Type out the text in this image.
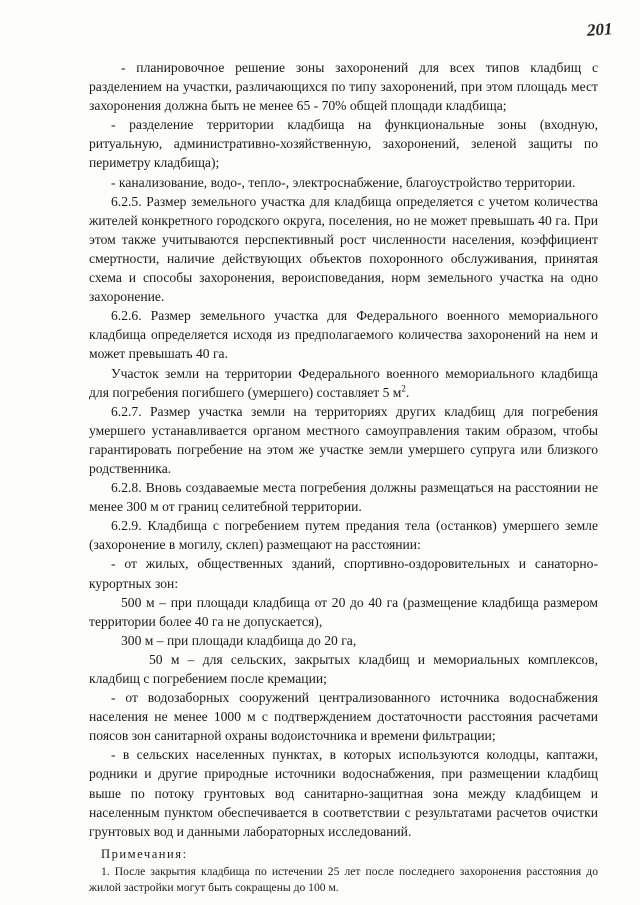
201

- планировочное решение зоны захоронений для всех типов кладбищ с разделением на участки, различающихся по типу захоронений, при этом площадь мест захоронения должна быть не менее 65 - 70% общей площади кладбища;

- разделение территории кладбища на функциональные зоны (входную, ритуальную, административно-хозяйственную, захоронений, зеленой защиты по периметру кладбища);

- канализование, водо-, тепло-, электроснабжение, благоустройство территории.

6.2.5. Размер земельного участка для кладбища определяется с учетом количества жителей конкретного городского округа, поселения, но не может превышать 40 га. При этом также учитываются перспективный рост численности населения, коэффициент смертности, наличие действующих объектов похоронного обслуживания, принятая схема и способы захоронения, вероисповедания, норм земельного участка на одно захоронение.

6.2.6. Размер земельного участка для Федерального военного мемориального кладбища определяется исходя из предполагаемого количества захоронений на нем и может превышать 40 га.

Участок земли на территории Федерального военного мемориального кладбища для погребения погибшего (умершего) составляет 5 $м^2$.

6.2.7. Размер участка земли на территориях других кладбищ для погребения умершего устанавливается органом местного самоуправления таким образом, чтобы гарантировать погребение на этом же участке земли умершего супруга или близкого родственника.

6.2.8. Вновь создаваемые места погребения должны размещаться на расстоянии не менее 300 м от границ селитебной территории.

6.2.9. Кладбища с погребением путем предания тела (останков) умершего земле (захоронение в могилу, склеп) размещают на расстоянии:

- от жилых, общественных зданий, спортивно-оздоровительных и санаторно-курортных зон:

500 м – при площади кладбища от 20 до 40 га (размещение кладбища размером территории более 40 га не допускается),

300 м – при площади кладбища до 20 га,

50 м – для сельских, закрытых кладбищ и мемориальных комплексов, кладбищ с погребением после кремации;

- от водозаборных сооружений централизованного источника водоснабжения населения не менее 1000 м с подтверждением достаточности расстояния расчетами поясов зон санитарной охраны водоисточника и времени фильтрации;

- в сельских населенных пунктах, в которых используются колодцы, каптажи, родники и другие природные источники водоснабжения, при размещении кладбищ выше по потоку грунтовых вод санитарно-защитная зона между кладбищем и населенным пунктом обеспечивается в соответствии с результатами расчетов очистки грунтовых вод и данными лабораторных исследований.

Примечания:

1. После закрытия кладбища по истечении 25 лет после последнего захоронения расстояния до жилой застройки могут быть сокращены до 100 м.
